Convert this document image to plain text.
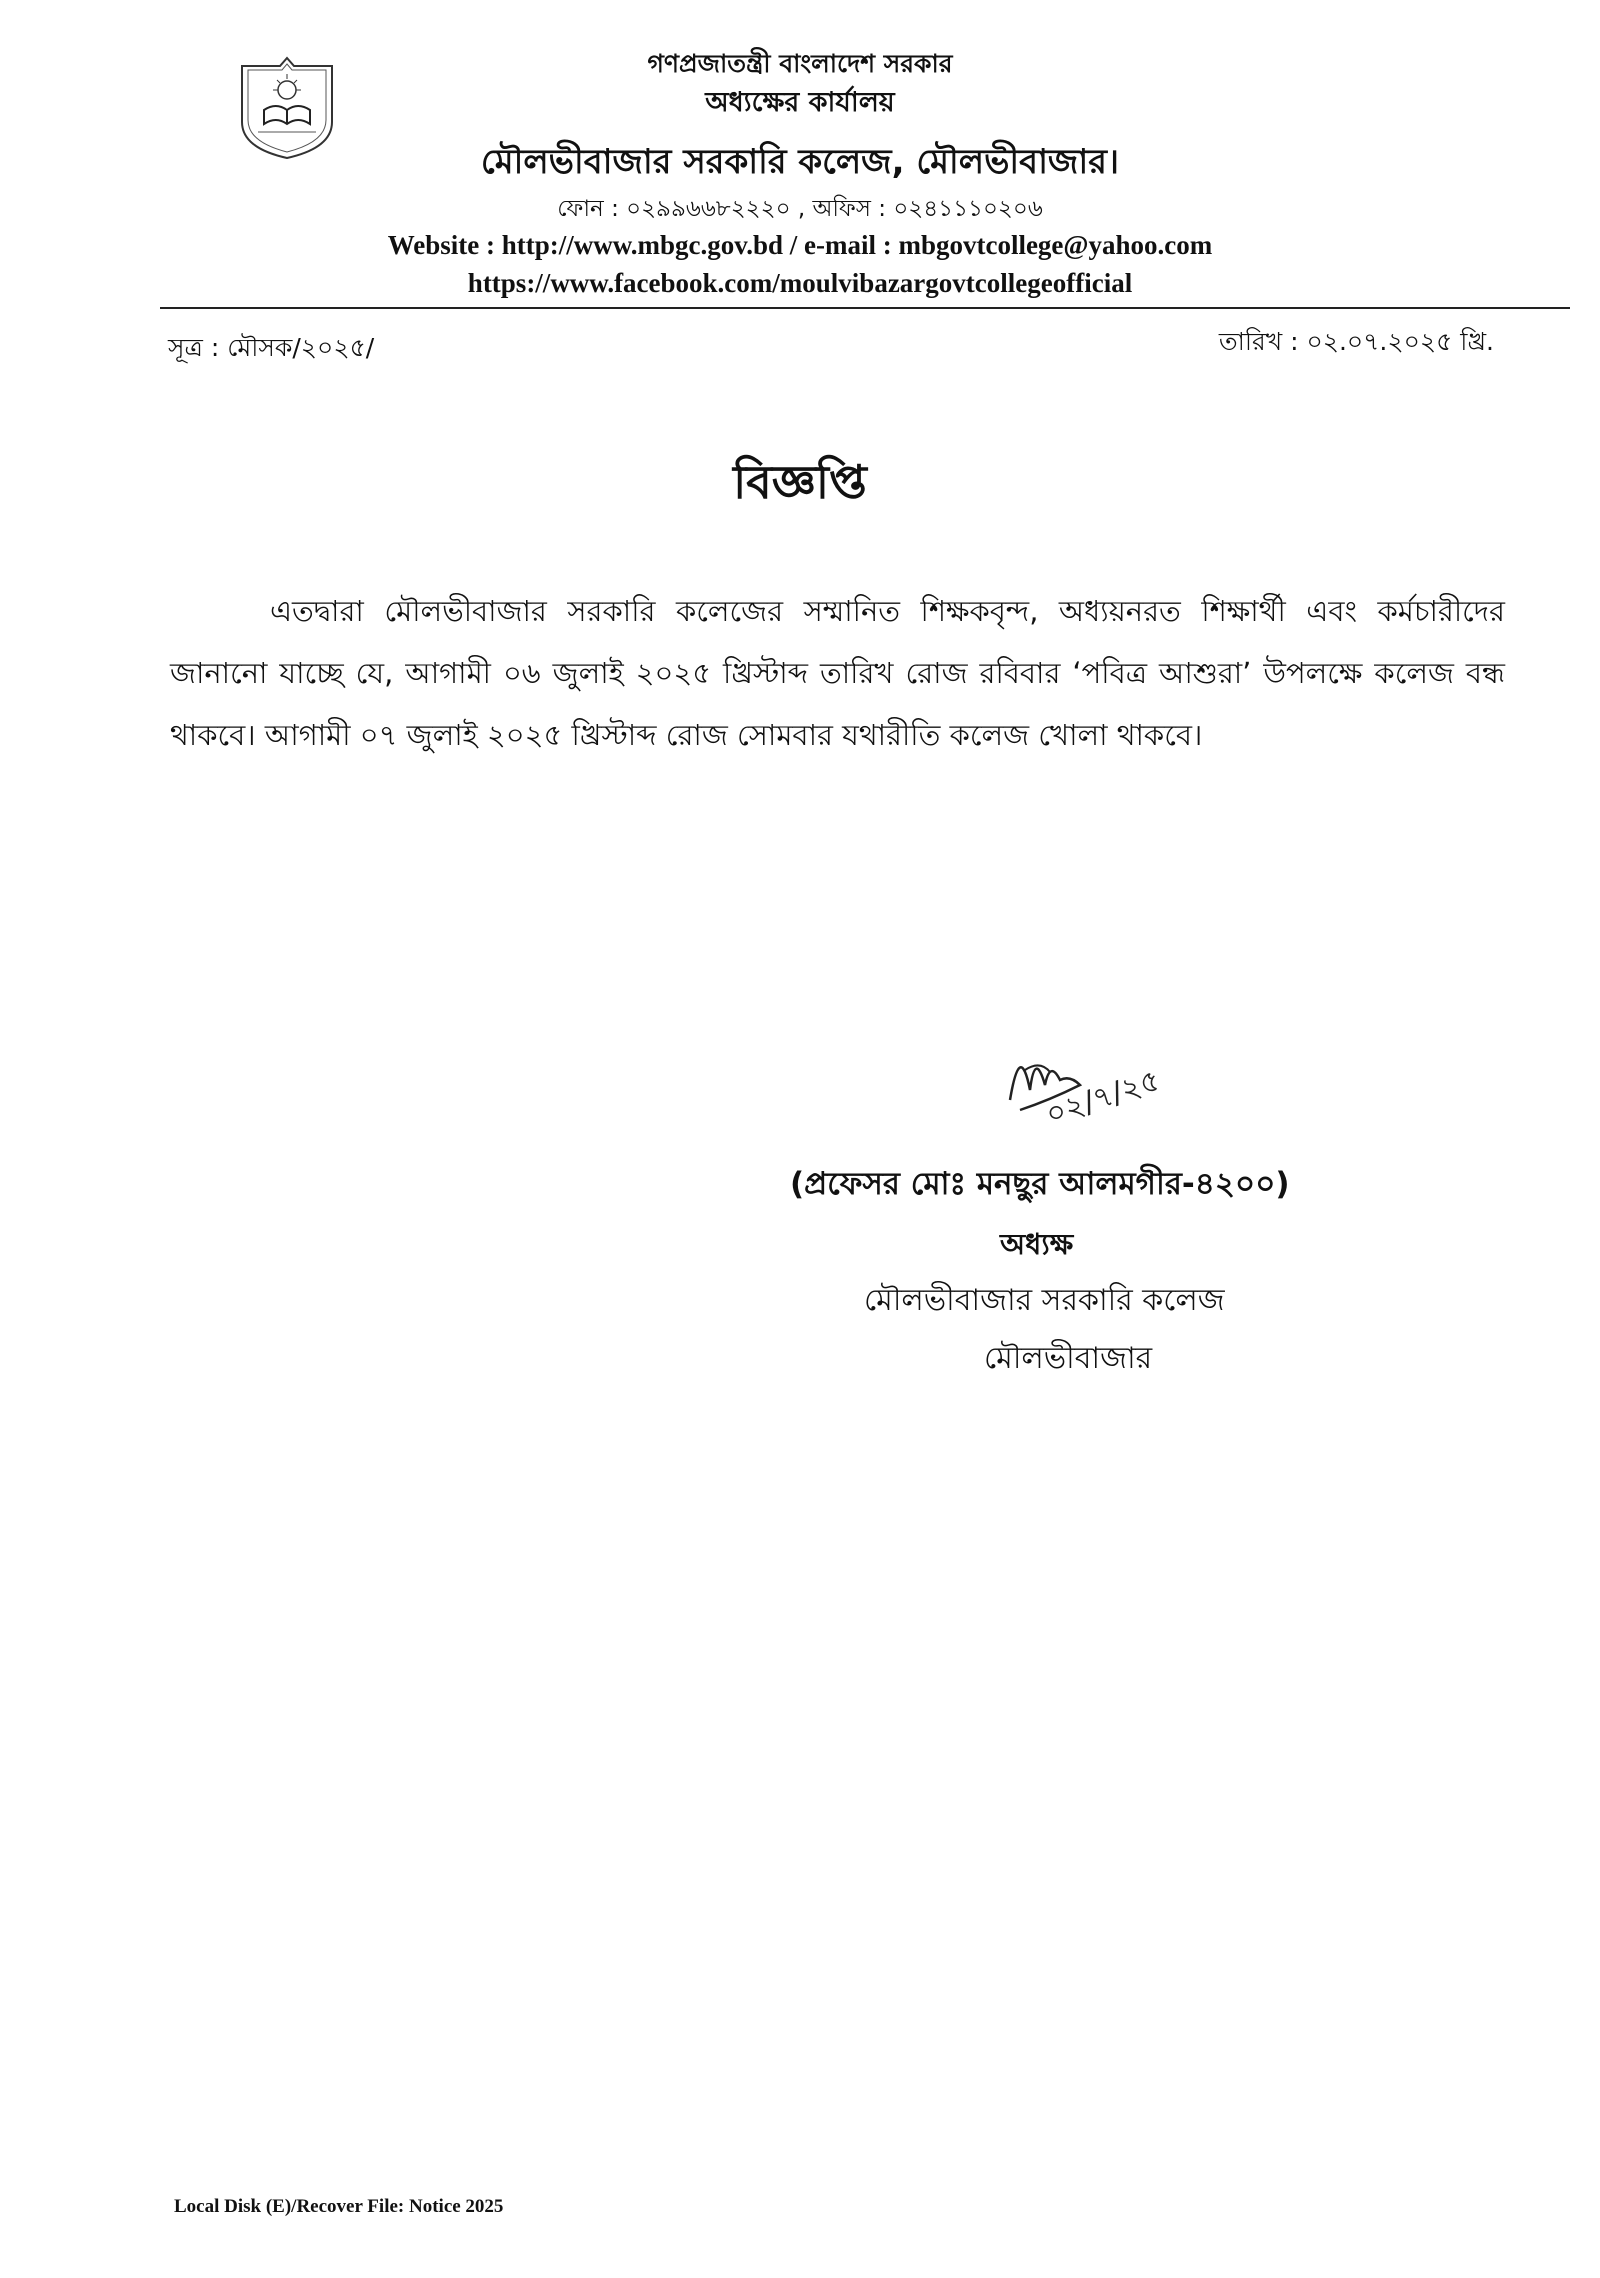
গণপ্রজাতন্ত্রী বাংলাদেশ সরকার
অধ্যক্ষের কার্যালয়
মৌলভীবাজার সরকারি কলেজ, মৌলভীবাজার।
ফোন : ০২৯৯৬৬৮২২২০ , অফিস : ০২৪১১১০২০৬
Website : http://www.mbgc.gov.bd / e-mail : mbgovtcollege@yahoo.com
https://www.facebook.com/moulvibazargovtcollegeofficial
সূত্র : মৌসক/২০২৫/	তারিখ : ০২.০৭.২০২৫ খ্রি.
বিজ্ঞপ্তি

এতদ্বারা মৌলভীবাজার সরকারি কলেজের সম্মানিত শিক্ষকবৃন্দ, অধ্যয়নরত শিক্ষার্থী এবং কর্মচারীদের জানানো যাচ্ছে যে, আগামী ০৬ জুলাই ২০২৫ খ্রিস্টাব্দ তারিখ রোজ রবিবার ‘পবিত্র আশুরা’ উপলক্ষে কলেজ বন্ধ থাকবে। আগামী ০৭ জুলাই ২০২৫ খ্রিস্টাব্দ রোজ সোমবার যথারীতি কলেজ খোলা থাকবে।

০২/৭/২৫
(প্রফেসর মোঃ মনছুর আলমগীর-৪২০০)
অধ্যক্ষ
মৌলভীবাজার সরকারি কলেজ
মৌলভীবাজার
Local Disk (E)/Recover File: Notice 2025
